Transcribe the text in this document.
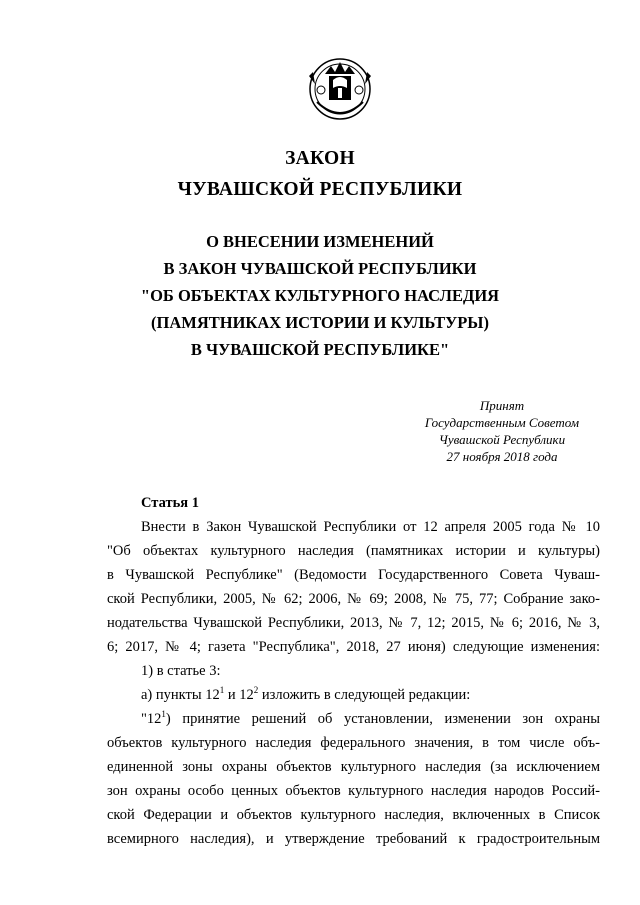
ЗАКОН
ЧУВАШСКОЙ РЕСПУБЛИКИ
О ВНЕСЕНИИ ИЗМЕНЕНИЙ
В ЗАКОН ЧУВАШСКОЙ РЕСПУБЛИКИ
"ОБ ОБЪЕКТАХ КУЛЬТУРНОГО НАСЛЕДИЯ
(ПАМЯТНИКАХ ИСТОРИИ И КУЛЬТУРЫ)
В ЧУВАШСКОЙ РЕСПУБЛИКЕ"
Принят
Государственным Советом
Чувашской Республики
27 ноября 2018 года
Статья 1
Внести в Закон Чувашской Республики от 12 апреля 2005 года № 10
"Об объектах культурного наследия (памятниках истории и культуры)
в Чувашской Республике" (Ведомости Государственного Совета Чуваш-
ской Республики, 2005, № 62; 2006, № 69; 2008, № 75, 77; Собрание зако-
нодательства Чувашской Республики, 2013, № 7, 12; 2015, № 6; 2016, № 3,
6; 2017, № 4; газета "Республика", 2018, 27 июня) следующие изменения:
1) в статье 3:
а) пункты $12^1$ и $12^2$ изложить в следующей редакции:
"$12^1$) принятие решений об установлении, изменении зон охраны
объектов культурного наследия федерального значения, в том числе объ-
единенной зоны охраны объектов культурного наследия (за исключением
зон охраны особо ценных объектов культурного наследия народов Россий-
ской Федерации и объектов культурного наследия, включенных в Список
всемирного наследия), и утверждение требований к градостроительным
